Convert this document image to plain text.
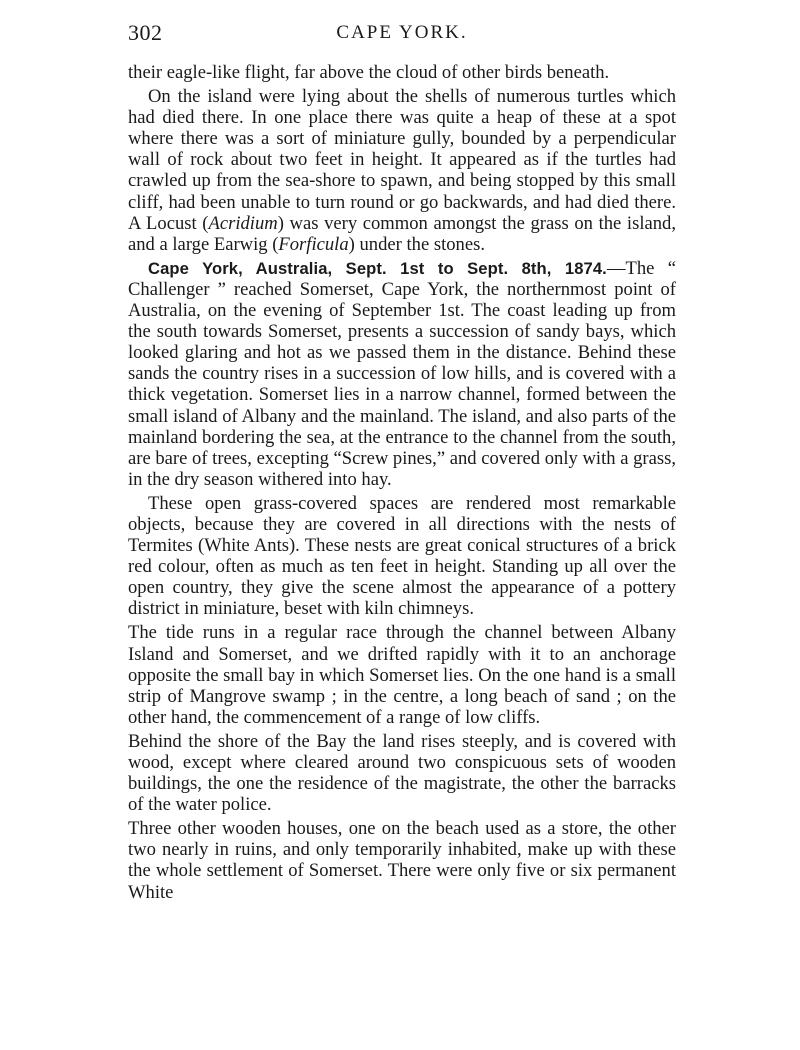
302	CAPE YORK.

their eagle-like flight, far above the cloud of other birds beneath.

On the island were lying about the shells of numerous turtles which had died there. In one place there was quite a heap of these at a spot where there was a sort of miniature gully, bounded by a perpendicular wall of rock about two feet in height. It appeared as if the turtles had crawled up from the sea-shore to spawn, and being stopped by this small cliff, had been unable to turn round or go backwards, and had died there. A Locust (Acridium) was very common amongst the grass on the island, and a large Earwig (Forficula) under the stones.

Cape York, Australia, Sept. 1st to Sept. 8th, 1874.—The “ Challenger ” reached Somerset, Cape York, the northernmost point of Australia, on the evening of September 1st. The coast leading up from the south towards Somerset, presents a succession of sandy bays, which looked glaring and hot as we passed them in the distance. Behind these sands the country rises in a succession of low hills, and is covered with a thick vegetation. Somerset lies in a narrow channel, formed between the small island of Albany and the mainland. The island, and also parts of the mainland bordering the sea, at the entrance to the channel from the south, are bare of trees, excepting “Screw pines,” and covered only with a grass, in the dry season withered into hay.

These open grass-covered spaces are rendered most remarkable objects, because they are covered in all directions with the nests of Termites (White Ants). These nests are great conical structures of a brick red colour, often as much as ten feet in height. Standing up all over the open country, they give the scene almost the appearance of a pottery district in miniature, beset with kiln chimneys.

The tide runs in a regular race through the channel between Albany Island and Somerset, and we drifted rapidly with it to an anchorage opposite the small bay in which Somerset lies. On the one hand is a small strip of Mangrove swamp ; in the centre, a long beach of sand ; on the other hand, the commencement of a range of low cliffs.

Behind the shore of the Bay the land rises steeply, and is covered with wood, except where cleared around two conspicuous sets of wooden buildings, the one the residence of the magistrate, the other the barracks of the water police.

Three other wooden houses, one on the beach used as a store, the other two nearly in ruins, and only temporarily inhabited, make up with these the whole settlement of Somerset. There were only five or six permanent White
